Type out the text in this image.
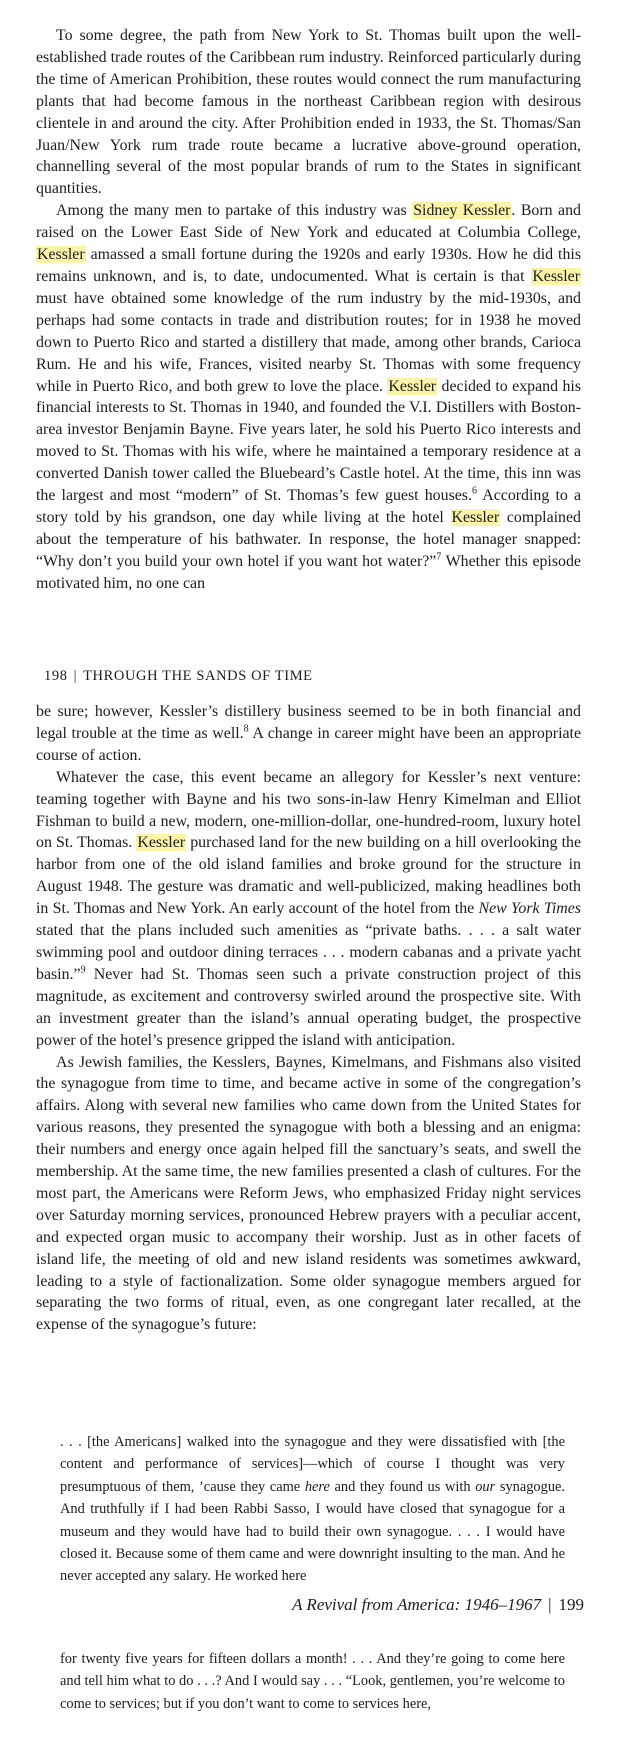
To some degree, the path from New York to St. Thomas built upon the well-established trade routes of the Caribbean rum industry. Reinforced particularly during the time of American Prohibition, these routes would connect the rum manufacturing plants that had become famous in the northeast Caribbean region with desirous clientele in and around the city. After Prohibition ended in 1933, the St. Thomas/San Juan/New York rum trade route became a lucrative above-ground operation, channelling several of the most popular brands of rum to the States in significant quantities.

Among the many men to partake of this industry was Sidney Kessler. Born and raised on the Lower East Side of New York and educated at Columbia College, Kessler amassed a small fortune during the 1920s and early 1930s. How he did this remains unknown, and is, to date, undocumented. What is certain is that Kessler must have obtained some knowledge of the rum industry by the mid-1930s, and perhaps had some contacts in trade and distribution routes; for in 1938 he moved down to Puerto Rico and started a distillery that made, among other brands, Carioca Rum. He and his wife, Frances, visited nearby St. Thomas with some frequency while in Puerto Rico, and both grew to love the place. Kessler decided to expand his financial interests to St. Thomas in 1940, and founded the V.I. Distillers with Boston-area investor Benjamin Bayne. Five years later, he sold his Puerto Rico interests and moved to St. Thomas with his wife, where he maintained a temporary residence at a converted Danish tower called the Bluebeard’s Castle hotel. At the time, this inn was the largest and most “modern” of St. Thomas’s few guest houses.$^6$ According to a story told by his grandson, one day while living at the hotel Kessler complained about the temperature of his bathwater. In response, the hotel manager snapped: “Why don’t you build your own hotel if you want hot water?”$^7$ Whether this episode motivated him, no one can

198 | THROUGH THE SANDS OF TIME

be sure; however, Kessler’s distillery business seemed to be in both financial and legal trouble at the time as well.$^8$ A change in career might have been an appropriate course of action.

Whatever the case, this event became an allegory for Kessler’s next venture: teaming together with Bayne and his two sons-in-law Henry Kimelman and Elliot Fishman to build a new, modern, one-million-dollar, one-hundred-room, luxury hotel on St. Thomas. Kessler purchased land for the new building on a hill overlooking the harbor from one of the old island families and broke ground for the structure in August 1948. The gesture was dramatic and well-publicized, making headlines both in St. Thomas and New York. An early account of the hotel from the New York Times stated that the plans included such amenities as “private baths. . . . a salt water swimming pool and outdoor dining terraces . . . modern cabanas and a private yacht basin.”$^9$ Never had St. Thomas seen such a private construction project of this magnitude, as excitement and controversy swirled around the prospective site. With an investment greater than the island’s annual operating budget, the prospective power of the hotel’s presence gripped the island with anticipation.

As Jewish families, the Kesslers, Baynes, Kimelmans, and Fishmans also visited the synagogue from time to time, and became active in some of the congregation’s affairs. Along with several new families who came down from the United States for various reasons, they presented the synagogue with both a blessing and an enigma: their numbers and energy once again helped fill the sanctuary’s seats, and swell the membership. At the same time, the new families presented a clash of cultures. For the most part, the Americans were Reform Jews, who emphasized Friday night services over Saturday morning services, pronounced Hebrew prayers with a peculiar accent, and expected organ music to accompany their worship. Just as in other facets of island life, the meeting of old and new island residents was sometimes awkward, leading to a style of factionalization. Some older synagogue members argued for separating the two forms of ritual, even, as one congregant later recalled, at the expense of the synagogue’s future:

. . . [the Americans] walked into the synagogue and they were dissatisfied with [the content and performance of services]—which of course I thought was very presumptuous of them, ’cause they came here and they found us with our synagogue. And truthfully if I had been Rabbi Sasso, I would have closed that synagogue for a museum and they would have had to build their own synagogue. . . . I would have closed it. Because some of them came and were downright insulting to the man. And he never accepted any salary. He worked here

A Revival from America: 1946–1967 | 199

for twenty five years for fifteen dollars a month! . . . And they’re going to come here and tell him what to do . . .? And I would say . . . “Look, gentlemen, you’re welcome to come to services; but if you don’t want to come to services here,
